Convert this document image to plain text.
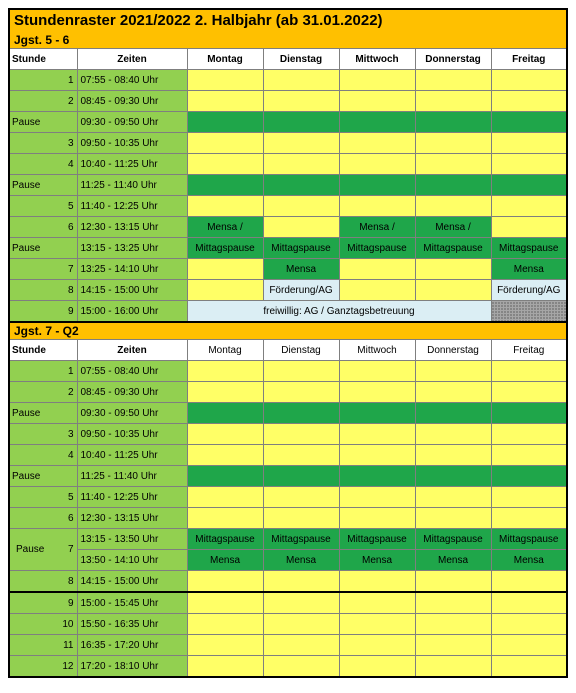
Stundenraster 2021/2022 2. Halbjahr (ab 31.01.2022)
Jgst. 5 - 6
Stunde	Zeiten	Montag	Dienstag	Mittwoch	Donnerstag	Freitag
1	07:55 - 08:40 Uhr					
2	08:45 - 09:30 Uhr					
Pause	09:30 - 09:50 Uhr					
3	09:50 - 10:35 Uhr					
4	10:40 - 11:25 Uhr					
Pause	11:25 - 11:40 Uhr					
5	11:40 - 12:25 Uhr					
6	12:30 - 13:15 Uhr	Mensa /		Mensa /	Mensa /	
Pause	13:15 - 13:25 Uhr	Mittagspause	Mittagspause	Mittagspause	Mittagspause	Mittagspause
7	13:25 - 14:10 Uhr		Mensa			Mensa
8	14:15 - 15:00 Uhr		Förderung/AG			Förderung/AG
9	15:00 - 16:00 Uhr	freiwillig: AG / Ganztagsbetreuung				
Jgst. 7 - Q2
Stunde	Zeiten	Montag	Dienstag	Mittwoch	Donnerstag	Freitag
1	07:55 - 08:40 Uhr					
2	08:45 - 09:30 Uhr					
Pause	09:30 - 09:50 Uhr					
3	09:50 - 10:35 Uhr					
4	10:40 - 11:25 Uhr					
Pause	11:25 - 11:40 Uhr					
5	11:40 - 12:25 Uhr					
6	12:30 - 13:15 Uhr					
Pause 7	13:15 - 13:50 Uhr	Mittagspause	Mittagspause	Mittagspause	Mittagspause	Mittagspause
	13:50 - 14:10 Uhr	Mensa	Mensa	Mensa	Mensa	Mensa
8	14:15 - 15:00 Uhr					
9	15:00 - 15:45 Uhr					
10	15:50 - 16:35 Uhr					
11	16:35 - 17:20 Uhr					
12	17:20 - 18:10 Uhr					
